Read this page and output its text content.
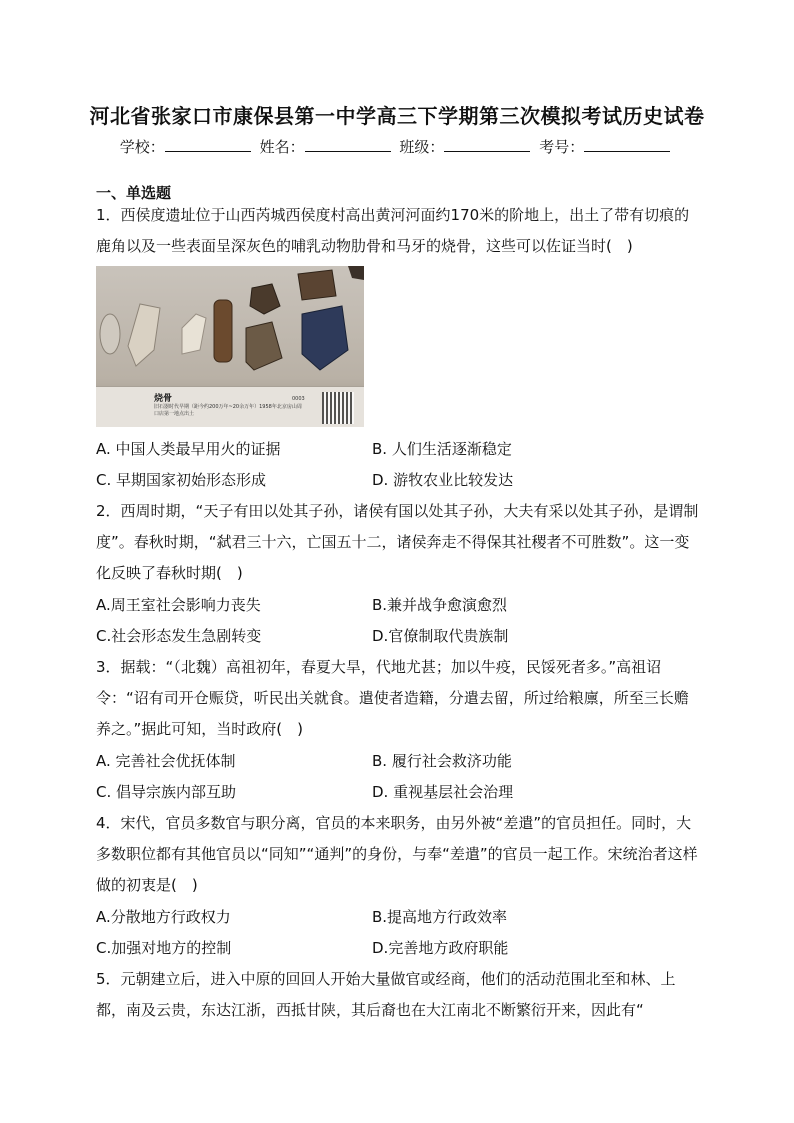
河北省张家口市康保县第一中学高三下学期第三次模拟考试历史试卷
学校：	姓名：	班级：	考号：
一、单选题
1．西侯度遗址位于山西芮城西侯度村高出黄河河面约170米的阶地上，出土了带有切痕的鹿角以及一些表面呈深灰色的哺乳动物肋骨和马牙的烧骨，这些可以佐证当时(　)
烧骨
旧石器时代早期（距今约200万年~20余万年）1958年北京房山周口店第一地点出土
0003
A. 中国人类最早用火的证据	B. 人们生活逐渐稳定
C. 早期国家初始形态形成	D. 游牧农业比较发达
2．西周时期，“天子有田以处其子孙，诸侯有国以处其子孙，大夫有采以处其子孙，是谓制度”。春秋时期，“弑君三十六，亡国五十二，诸侯奔走不得保其社稷者不可胜数”。这一变化反映了春秋时期(　)
A.周王室社会影响力丧失	B.兼并战争愈演愈烈
C.社会形态发生急剧转变	D.官僚制取代贵族制
3．据载：“（北魏）高祖初年，春夏大旱，代地尤甚；加以牛疫，民馁死者多。”高祖诏令：“诏有司开仓赈贷，听民出关就食。遣使者造籍，分遣去留，所过给粮廪，所至三长赡养之。”据此可知，当时政府(　)
A. 完善社会优抚体制	B. 履行社会救济功能
C. 倡导宗族内部互助	D. 重视基层社会治理
4．宋代，官员多数官与职分离，官员的本来职务，由另外被“差遣”的官员担任。同时，大多数职位都有其他官员以“同知”“通判”的身份，与奉“差遣”的官员一起工作。宋统治者这样做的初衷是(　)
A.分散地方行政权力	B.提高地方行政效率
C.加强对地方的控制	D.完善地方政府职能
5．元朝建立后，进入中原的回回人开始大量做官或经商，他们的活动范围北至和林、上都，南及云贵，东达江浙，西抵甘陕，其后裔也在大江南北不断繁衍开来，因此有“
